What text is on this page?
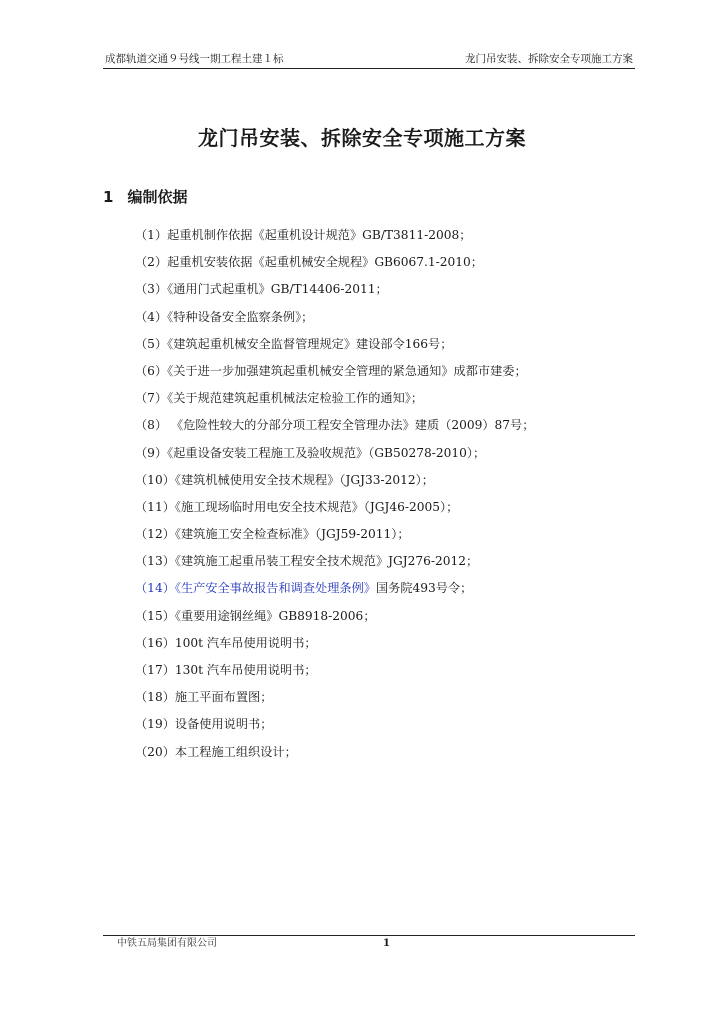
成都轨道交通９号线一期工程土建１标	龙门吊安装、拆除安全专项施工方案
龙门吊安装、拆除安全专项施工方案
1 编制依据
（1）起重机制作依据《起重机设计规范》GB/T3811-2008；
（2）起重机安装依据《起重机械安全规程》GB6067.1-2010；
（3）《通用门式起重机》GB/T14406-2011；
（4）《特种设备安全监察条例》；
（5）《建筑起重机械安全监督管理规定》建设部令166号；
（6）《关于进一步加强建筑起重机械安全管理的紧急通知》成都市建委；
（7）《关于规范建筑起重机械法定检验工作的通知》；
（8） 《危险性较大的分部分项工程安全管理办法》建质（2009）87号；
（9）《起重设备安装工程施工及验收规范》（GB50278-2010）；
（10）《建筑机械使用安全技术规程》（JGJ33-2012）；
（11）《施工现场临时用电安全技术规范》（JGJ46-2005）；
（12）《建筑施工安全检查标准》（JGJ59-2011）；
（13）《建筑施工起重吊装工程安全技术规范》JGJ276-2012；
（14）《生产安全事故报告和调查处理条例》国务院493号令；
（15）《重要用途钢丝绳》GB8918-2006；
（16）100t 汽车吊使用说明书；
（17）130t 汽车吊使用说明书；
（18）施工平面布置图；
（19）设备使用说明书；
（20）本工程施工组织设计；
中铁五局集团有限公司	1
